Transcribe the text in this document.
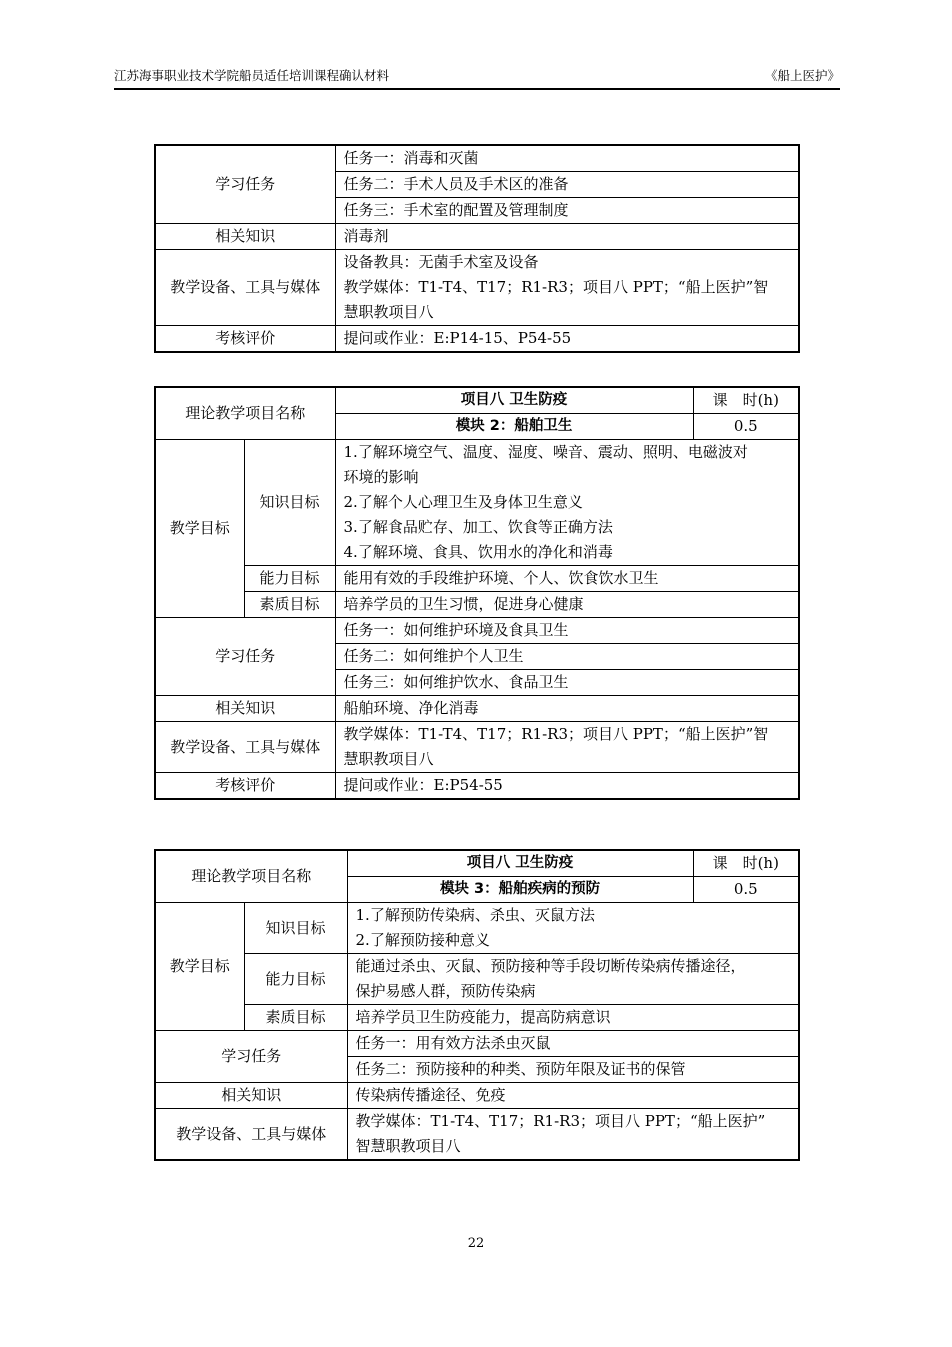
江苏海事职业技术学院船员适任培训课程确认材料	《船上医护》
学习任务	任务一：消毒和灭菌
	任务二：手术人员及手术区的准备
	任务三：手术室的配置及管理制度
相关知识	消毒剂
教学设备、工具与媒体	设备教具：无菌手术室及设备
教学媒体：T1-T4、T17；R1-R3；项目八 PPT；“船上医护”智
慧职教项目八

考核评价	提问或作业：E:P14-15、P54-55
理论教学项目名称		项目八 卫生防疫	课　时(h)
		模块 2：船舶卫生	0.5
教学目标	知识目标	1.了解环境空气、温度、湿度、噪音、震动、照明、电磁波对
环境的影响
2.了解个人心理卫生及身体卫生意义
3.了解食品贮存、加工、饮食等正确方法
4.了解环境、食具、饮用水的净化和消毒	

	能力目标	能用有效的手段维护环境、个人、饮食饮水卫生	
	素质目标	培养学员的卫生习惯，促进身心健康	
学习任务		任务一：如何维护环境及食具卫生	
		任务二：如何维护个人卫生	
		任务三：如何维护饮水、食品卫生	
相关知识		船舶环境、净化消毒	
教学设备、工具与媒体		教学媒体：T1-T4、T17；R1-R3；项目八 PPT；“船上医护”智
慧职教项目八	

考核评价		提问或作业：E:P54-55	
理论教学项目名称		项目八 卫生防疫	课　时(h)
		模块 3：船舶疾病的预防	0.5
教学目标	知识目标	1.了解预防传染病、杀虫、灭鼠方法
2.了解预防接种意义	

	能力目标	能通过杀虫、灭鼠、预防接种等手段切断传染病传播途径，
保护易感人群，预防传染病	

	素质目标	培养学员卫生防疫能力，提高防病意识	
学习任务		任务一：用有效方法杀虫灭鼠	
		任务二：预防接种的种类、预防年限及证书的保管	
相关知识		传染病传播途径、免疫	
教学设备、工具与媒体		教学媒体：T1-T4、T17；R1-R3；项目八 PPT；“船上医护”
智慧职教项目八	
22
